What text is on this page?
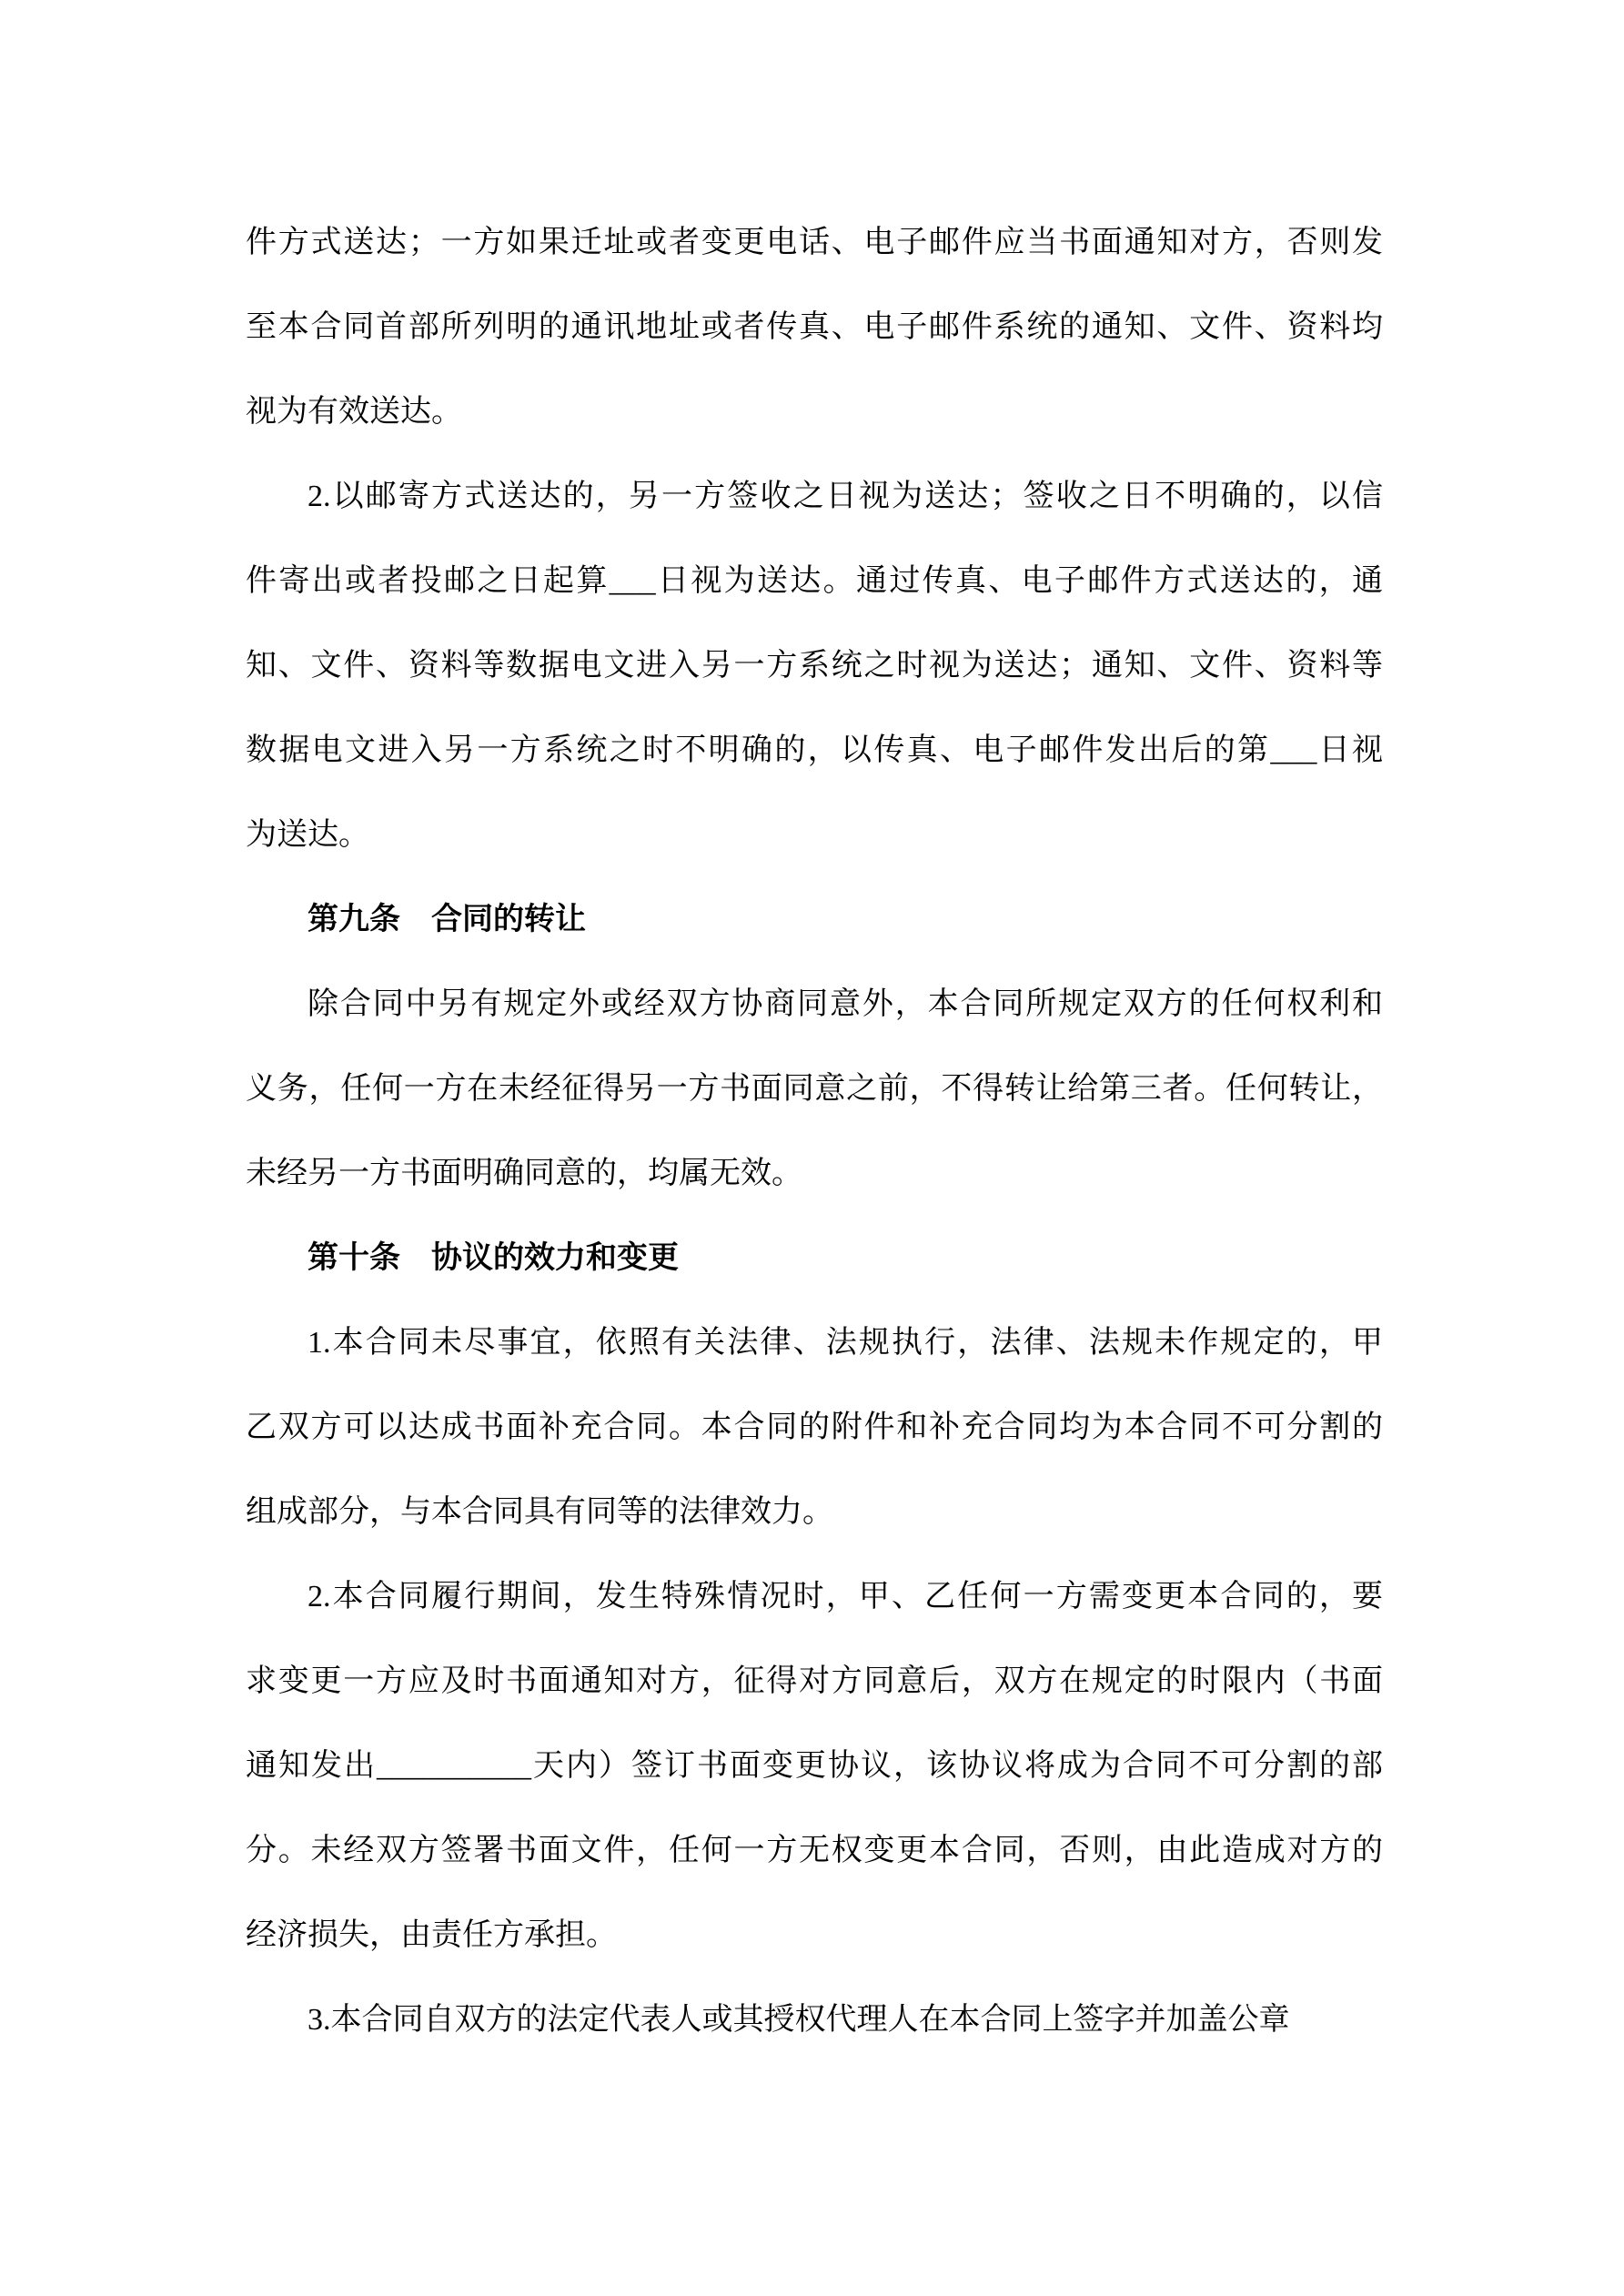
件方式送达；一方如果迁址或者变更电话、电子邮件应当书面通知对方，否则发
至本合同首部所列明的通讯地址或者传真、电子邮件系统的通知、文件、资料均
视为有效送达。
2.以邮寄方式送达的，另一方签收之日视为送达；签收之日不明确的，以信
件寄出或者投邮之日起算___日视为送达。通过传真、电子邮件方式送达的，通
知、文件、资料等数据电文进入另一方系统之时视为送达；通知、文件、资料等
数据电文进入另一方系统之时不明确的，以传真、电子邮件发出后的第___日视
为送达。
第九条　合同的转让
除合同中另有规定外或经双方协商同意外，本合同所规定双方的任何权利和
义务，任何一方在未经征得另一方书面同意之前，不得转让给第三者。任何转让，
未经另一方书面明确同意的，均属无效。
第十条　协议的效力和变更
1.本合同未尽事宜，依照有关法律、法规执行，法律、法规未作规定的，甲
乙双方可以达成书面补充合同。本合同的附件和补充合同均为本合同不可分割的
组成部分，与本合同具有同等的法律效力。
2.本合同履行期间，发生特殊情况时，甲、乙任何一方需变更本合同的，要
求变更一方应及时书面通知对方，征得对方同意后，双方在规定的时限内（书面
通知发出__________天内）签订书面变更协议，该协议将成为合同不可分割的部
分。未经双方签署书面文件，任何一方无权变更本合同，否则，由此造成对方的
经济损失，由责任方承担。
3.本合同自双方的法定代表人或其授权代理人在本合同上签字并加盖公章
